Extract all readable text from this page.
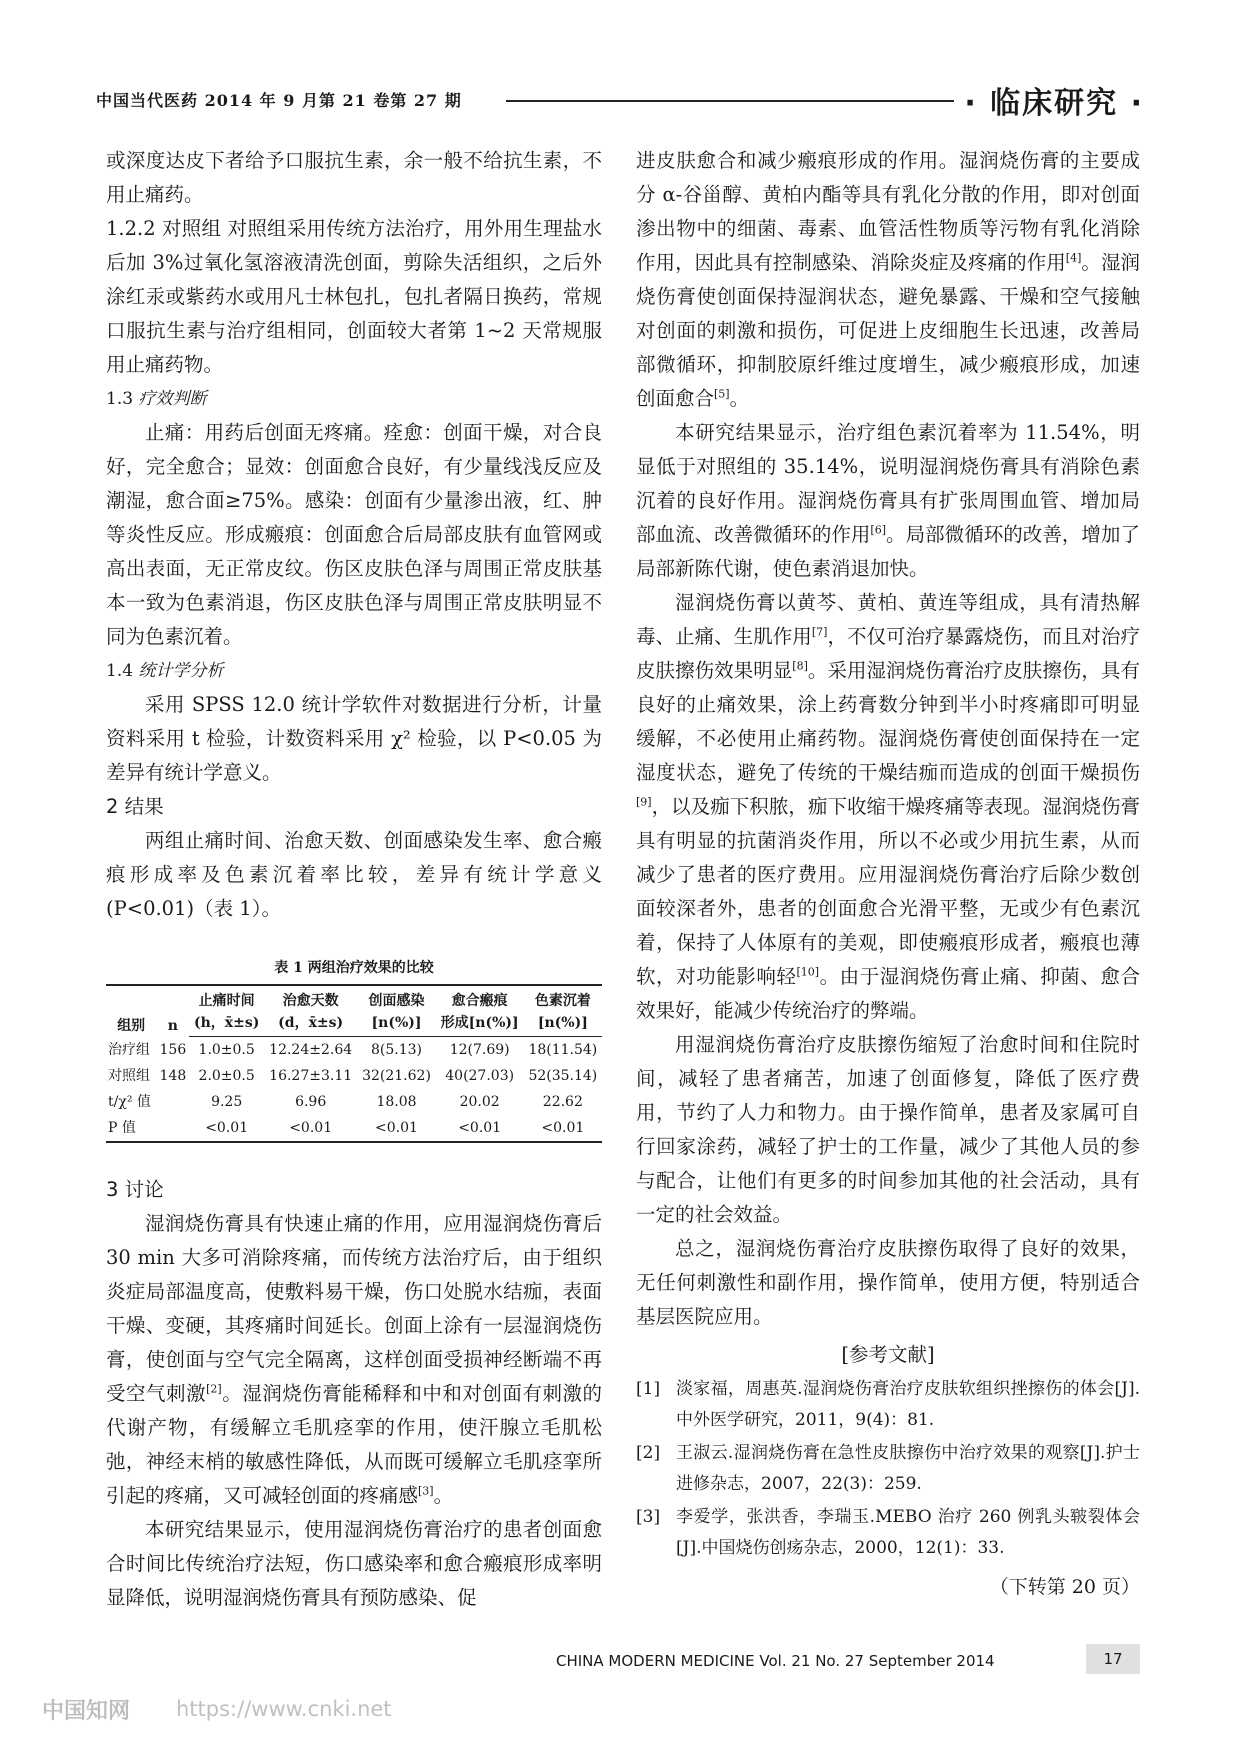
中国当代医药 2014 年 9 月第 21 卷第 27 期	· 临床研究 ·

或深度达皮下者给予口服抗生素，余一般不给抗生素，不用止痛药。

1.2.2 对照组 对照组采用传统方法治疗，用外用生理盐水后加 3%过氧化氢溶液清洗创面，剪除失活组织，之后外涂红汞或紫药水或用凡士林包扎，包扎者隔日换药，常规口服抗生素与治疗组相同，创面较大者第 1~2 天常规服用止痛药物。

1.3 疗效判断

止痛：用药后创面无疼痛。痊愈：创面干燥，对合良好，完全愈合；显效：创面愈合良好，有少量线浅反应及潮湿，愈合面≥75%。感染：创面有少量渗出液，红、肿等炎性反应。形成瘢痕：创面愈合后局部皮肤有血管网或高出表面，无正常皮纹。伤区皮肤色泽与周围正常皮肤基本一致为色素消退，伤区皮肤色泽与周围正常皮肤明显不同为色素沉着。

1.4 统计学分析

采用 SPSS 12.0 统计学软件对数据进行分析，计量资料采用 t 检验，计数资料采用 χ² 检验，以 P<0.05 为差异有统计学意义。

2 结果

两组止痛时间、治愈天数、创面感染发生率、愈合瘢痕形成率及色素沉着率比较，差异有统计学意义(P<0.01)（表 1）。

表 1 两组治疗效果的比较
组别	n	止痛时间	治愈天数	创面感染	愈合瘢痕	色素沉着
		(h，x̄±s)	(d，x̄±s)	[n(%)]	形成[n(%)]	[n(%)]
治疗组	156	1.0±0.5	12.24±2.64	8(5.13)	12(7.69)	18(11.54)
对照组	148	2.0±0.5	16.27±3.11	32(21.62)	40(27.03)	52(35.14)
t/χ² 值		9.25	6.96	18.08	20.02	22.62
P 值		<0.01	<0.01	<0.01	<0.01	<0.01

3 讨论

湿润烧伤膏具有快速止痛的作用，应用湿润烧伤膏后 30 min 大多可消除疼痛，而传统方法治疗后，由于组织炎症局部温度高，使敷料易干燥，伤口处脱水结痂，表面干燥、变硬，其疼痛时间延长。创面上涂有一层湿润烧伤膏，使创面与空气完全隔离，这样创面受损神经断端不再受空气刺激[2]。湿润烧伤膏能稀释和中和对创面有刺激的代谢产物，有缓解立毛肌痉挛的作用，使汗腺立毛肌松弛，神经末梢的敏感性降低，从而既可缓解立毛肌痉挛所引起的疼痛，又可减轻创面的疼痛感[3]。

本研究结果显示，使用湿润烧伤膏治疗的患者创面愈合时间比传统治疗法短，伤口感染率和愈合瘢痕形成率明显降低，说明湿润烧伤膏具有预防感染、促

进皮肤愈合和减少瘢痕形成的作用。湿润烧伤膏的主要成分 α-谷甾醇、黄柏内酯等具有乳化分散的作用，即对创面渗出物中的细菌、毒素、血管活性物质等污物有乳化消除作用，因此具有控制感染、消除炎症及疼痛的作用[4]。湿润烧伤膏使创面保持湿润状态，避免暴露、干燥和空气接触对创面的刺激和损伤，可促进上皮细胞生长迅速，改善局部微循环，抑制胶原纤维过度增生，减少瘢痕形成，加速创面愈合[5]。

本研究结果显示，治疗组色素沉着率为 11.54%，明显低于对照组的 35.14%，说明湿润烧伤膏具有消除色素沉着的良好作用。湿润烧伤膏具有扩张周围血管、增加局部血流、改善微循环的作用[6]。局部微循环的改善，增加了局部新陈代谢，使色素消退加快。

湿润烧伤膏以黄芩、黄柏、黄连等组成，具有清热解毒、止痛、生肌作用[7]，不仅可治疗暴露烧伤，而且对治疗皮肤擦伤效果明显[8]。采用湿润烧伤膏治疗皮肤擦伤，具有良好的止痛效果，涂上药膏数分钟到半小时疼痛即可明显缓解，不必使用止痛药物。湿润烧伤膏使创面保持在一定湿度状态，避免了传统的干燥结痂而造成的创面干燥损伤[9]，以及痂下积脓，痂下收缩干燥疼痛等表现。湿润烧伤膏具有明显的抗菌消炎作用，所以不必或少用抗生素，从而减少了患者的医疗费用。应用湿润烧伤膏治疗后除少数创面较深者外，患者的创面愈合光滑平整，无或少有色素沉着，保持了人体原有的美观，即使瘢痕形成者，瘢痕也薄软，对功能影响轻[10]。由于湿润烧伤膏止痛、抑菌、愈合效果好，能减少传统治疗的弊端。

用湿润烧伤膏治疗皮肤擦伤缩短了治愈时间和住院时间，减轻了患者痛苦，加速了创面修复，降低了医疗费用，节约了人力和物力。由于操作简单，患者及家属可自行回家涂药，减轻了护士的工作量，减少了其他人员的参与配合，让他们有更多的时间参加其他的社会活动，具有一定的社会效益。

总之，湿润烧伤膏治疗皮肤擦伤取得了良好的效果，无任何刺激性和副作用，操作简单，使用方便，特别适合基层医院应用。

[参考文献]
[1] 淡家福，周惠英.湿润烧伤膏治疗皮肤软组织挫擦伤的体会[J].中外医学研究，2011，9(4)：81.
[2] 王淑云.湿润烧伤膏在急性皮肤擦伤中治疗效果的观察[J].护士进修杂志，2007，22(3)：259.
[3] 李爱学，张洪香，李瑞玉.MEBO 治疗 260 例乳头皲裂体会[J].中国烧伤创疡杂志，2000，12(1)：33.
（下转第 20 页）
CHINA MODERN MEDICINE Vol. 21 No. 27 September 2014	17
中国知网 https://www.cnki.net
